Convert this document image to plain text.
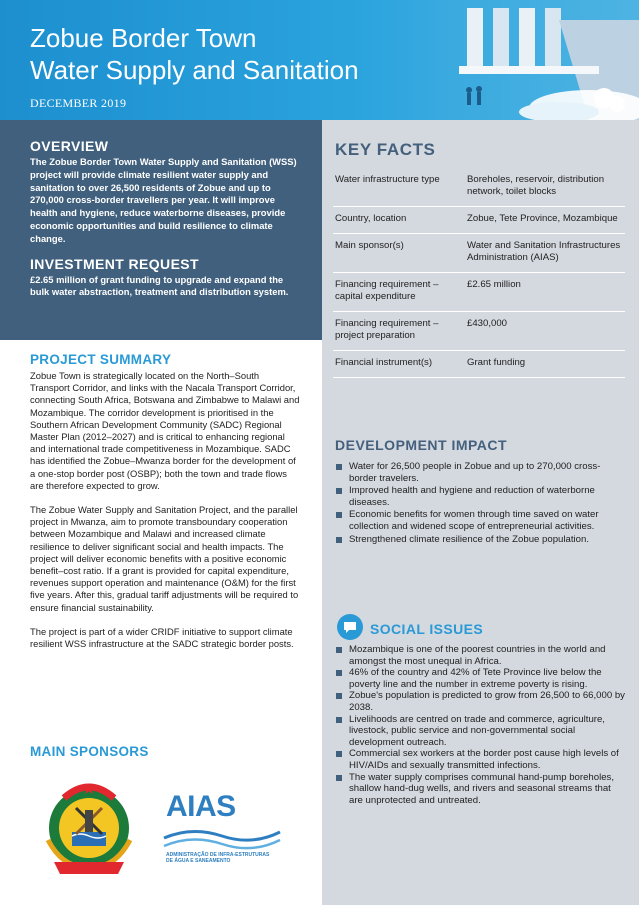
Zobue Border Town
Water Supply and Sanitation
DECEMBER 2019
OVERVIEW

The Zobue Border Town Water Supply and Sanitation (WSS) project will provide climate resilient water supply and sanitation to over 26,500 residents of Zobue and up to 270,000 cross-border travellers per year. It will improve health and hygiene, reduce waterborne diseases, provide economic opportunities and build resilience to climate change.

INVESTMENT REQUEST

£2.65 million of grant funding to upgrade and expand the bulk water abstraction, treatment and distribution system.

PROJECT SUMMARY

Zobue Town is strategically located on the North–South Transport Corridor, and links with the Nacala Transport Corridor, connecting South Africa, Botswana and Zimbabwe to Malawi and Mozambique. The corridor development is prioritised in the Southern African Development Community (SADC) Regional Master Plan (2012–2027) and is critical to enhancing regional and international trade competitiveness in Mozambique. SADC has identified the Zobue–Mwanza border for the development of a one-stop border post (OSBP); both the town and trade flows are therefore expected to grow.

The Zobue Water Supply and Sanitation Project, and the parallel project in Mwanza, aim to promote transboundary cooperation between Mozambique and Malawi and increased climate resilience to deliver significant social and health impacts. The project will deliver economic benefits with a positive economic benefit–cost ratio. If a grant is provided for capital expenditure, revenues support operation and maintenance (O&M) for the first five years. After this, gradual tariff adjustments will be required to ensure financial sustainability.

The project is part of a wider CRIDF initiative to support climate resilient WSS infrastructure at the SADC strategic border posts.

MAIN SPONSORS
AIAS
ADMINISTRAÇÃO DE INFRA-ESTRUTURAS DE ÁGUA E SANEAMENTO
KEY FACTS
Water infrastructure type	Boreholes, reservoir, distribution network, toilet blocks
Country, location	Zobue, Tete Province, Mozambique
Main sponsor(s)	Water and Sanitation Infrastructures Administration (AIAS)
Financing requirement – capital expenditure	£2.65 million
Financing requirement – project preparation	£430,000
Financial instrument(s)	Grant funding
DEVELOPMENT IMPACT
Water for 26,500 people in Zobue and up to 270,000 cross-border travelers.
Improved health and hygiene and reduction of waterborne diseases.
Economic benefits for women through time saved on water collection and widened scope of entrepreneurial activities.
Strengthened climate resilience of the Zobue population.
SOCIAL ISSUES
Mozambique is one of the poorest countries in the world and amongst the most unequal in Africa.
46% of the country and 42% of Tete Province live below the poverty line and the number in extreme poverty is rising.
Zobue's population is predicted to grow from 26,500 to 66,000 by 2038.
Livelihoods are centred on trade and commerce, agriculture, livestock, public service and non-governmental social development outreach.
Commercial sex workers at the border post cause high levels of HIV/AIDs and sexually transmitted infections.
The water supply comprises communal hand-pump boreholes, shallow hand-dug wells, and rivers and seasonal streams that are unprotected and untreated.
